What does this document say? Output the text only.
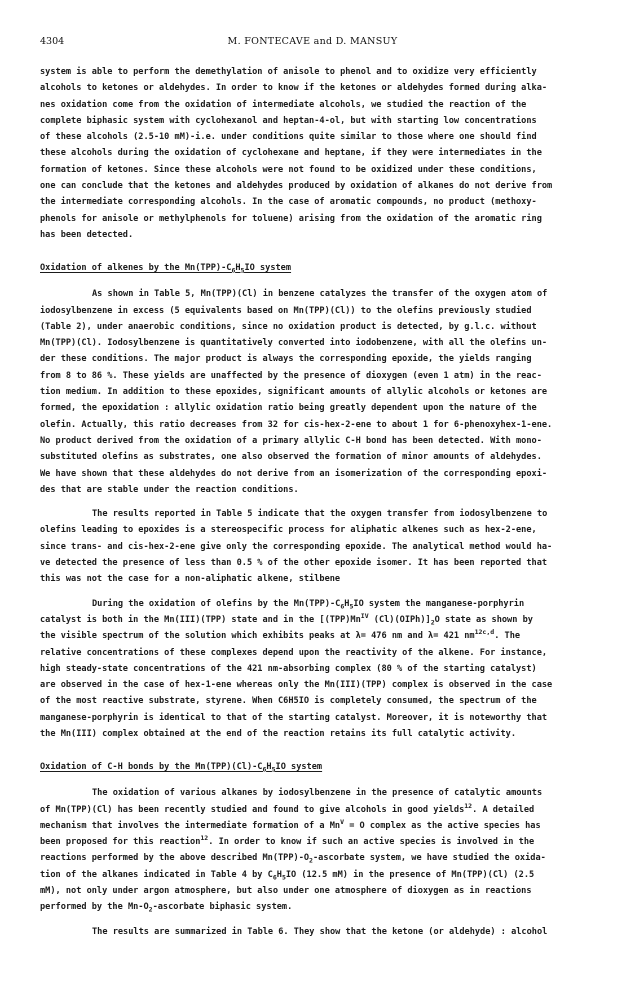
4304	M. FONTECAVE and D. MANSUY
system is able to perform the demethylation of anisole to phenol and to oxidize very efficiently
alcohols to ketones or aldehydes. In order to know if the ketones or aldehydes formed during alka-
nes oxidation come from the oxidation of intermediate alcohols, we studied the reaction of the
complete biphasic system with cyclohexanol and heptan-4-ol, but with starting low concentrations
of these alcohols (2.5-10 mM)-i.e. under conditions quite similar to those where one should find
these alcohols during the oxidation of cyclohexane and heptane, if they were intermediates in the
formation of ketones. Since these alcohols were not found to be oxidized under these conditions,
one can conclude that the ketones and aldehydes produced by oxidation of alkanes do not derive from
the intermediate corresponding alcohols. In the case of aromatic compounds, no product (methoxy-
phenols for anisole or methylphenols for toluene) arising from the oxidation of the aromatic ring
has been detected.
Oxidation of alkenes by the $Mn(TPP)-C_6H_5IO$ system
As shown in Table 5, Mn(TPP)(Cl) in benzene catalyzes the transfer of the oxygen atom of
iodosylbenzene in excess (5 equivalents based on Mn(TPP)(Cl)) to the olefins previously studied
(Table 2), under anaerobic conditions, since no oxidation product is detected, by g.l.c. without
Mn(TPP)(Cl). Iodosylbenzene is quantitatively converted into iodobenzene, with all the olefins un-
der these conditions. The major product is always the corresponding epoxide, the yields ranging
from 8 to 86 %. These yields are unaffected by the presence of dioxygen (even 1 atm) in the reac-
tion medium. In addition to these epoxides, significant amounts of allylic alcohols or ketones are
formed, the epoxidation : allylic oxidation ratio being greatly dependent upon the nature of the
olefin. Actually, this ratio decreases from 32 for cis-hex-2-ene to about 1 for 6-phenoxyhex-1-ene.
No product derived from the oxidation of a primary allylic C-H bond has been detected. With mono-
substituted olefins as substrates, one also observed the formation of minor amounts of aldehydes.
We have shown that these aldehydes do not derive from an isomerization of the corresponding epoxi-
des that are stable under the reaction conditions.
The results reported in Table 5 indicate that the oxygen transfer from iodosylbenzene to
olefins leading to epoxides is a stereospecific process for aliphatic alkenes such as hex-2-ene,
since trans- and cis-hex-2-ene give only the corresponding epoxide. The analytical method would ha-
ve detected the presence of less than 0.5 % of the other epoxide isomer. It has been reported that
this was not the case for a non-aliphatic alkene, stilbene
During the oxidation of olefins by the $Mn(TPP)-C_6H_5IO$ system the manganese-porphyrin
catalyst is both in the Mn(III)(TPP) state and in the [$(TPP)Mn^{IV}$ $(Cl)(OIPh)]_2O$ state as shown by
the visible spectrum of the solution which exhibits peaks at λ= 476 nm and λ= 421 $nm^{12c,d}$. The
relative concentrations of these complexes depend upon the reactivity of the alkene. For instance,
high steady-state concentrations of the 421 nm-absorbing complex (80 % of the starting catalyst)
are observed in the case of hex-1-ene whereas only the Mn(III)(TPP) complex is observed in the case
of the most reactive substrate, styrene. When C6H5IO is completely consumed, the spectrum of the
manganese-porphyrin is identical to that of the starting catalyst. Moreover, it is noteworthy that
the Mn(III) complex obtained at the end of the reaction retains its full catalytic activity.
Oxidation of C-H bonds by the $Mn(TPP)(Cl)-C_6H_5IO$ system
The oxidation of various alkanes by iodosylbenzene in the presence of catalytic amounts
of Mn(TPP)(Cl) has been recently studied and found to give alcohols in good yields$^{12}$. A detailed
mechanism that involves the intermediate formation of a $Mn^V = O$ complex as the active species has
been proposed for this reaction$^{12}$. In order to know if such an active species is involved in the
reactions performed by the above described $Mn(TPP)-O_2$-ascorbate system, we have studied the oxida-
tion of the alkanes indicated in Table 4 by $C_6H_5IO$ (12.5 mM) in the presence of Mn(TPP)(Cl) (2.5
mM), not only under argon atmosphere, but also under one atmosphere of dioxygen as in reactions
performed by the $Mn-O_2$-ascorbate biphasic system.
The results are summarized in Table 6. They show that the ketone (or aldehyde) : alcohol
